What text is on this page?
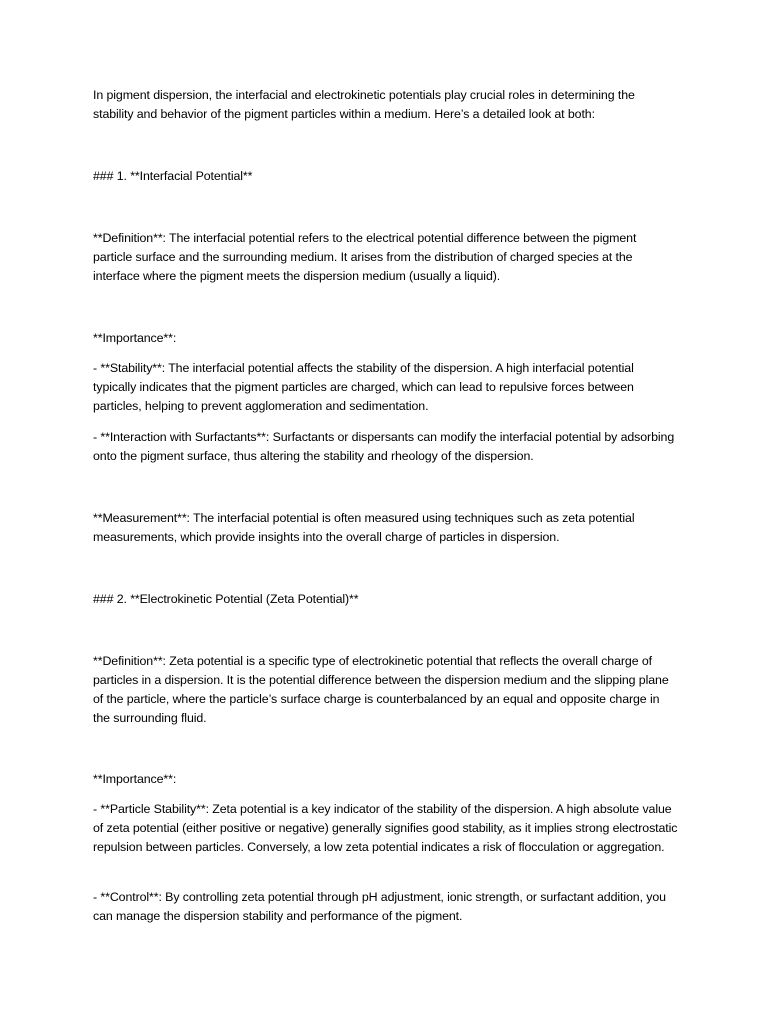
In pigment dispersion, the interfacial and electrokinetic potentials play crucial roles in determining the stability and behavior of the pigment particles within a medium. Here’s a detailed look at both:

### 1. **Interfacial Potential**

**Definition**: The interfacial potential refers to the electrical potential difference between the pigment particle surface and the surrounding medium. It arises from the distribution of charged species at the interface where the pigment meets the dispersion medium (usually a liquid).

**Importance**:

- **Stability**: The interfacial potential affects the stability of the dispersion. A high interfacial potential typically indicates that the pigment particles are charged, which can lead to repulsive forces between particles, helping to prevent agglomeration and sedimentation.

- **Interaction with Surfactants**: Surfactants or dispersants can modify the interfacial potential by adsorbing onto the pigment surface, thus altering the stability and rheology of the dispersion.

**Measurement**: The interfacial potential is often measured using techniques such as zeta potential measurements, which provide insights into the overall charge of particles in dispersion.

### 2. **Electrokinetic Potential (Zeta Potential)**

**Definition**: Zeta potential is a specific type of electrokinetic potential that reflects the overall charge of particles in a dispersion. It is the potential difference between the dispersion medium and the slipping plane of the particle, where the particle’s surface charge is counterbalanced by an equal and opposite charge in the surrounding fluid.

**Importance**:

- **Particle Stability**: Zeta potential is a key indicator of the stability of the dispersion. A high absolute value of zeta potential (either positive or negative) generally signifies good stability, as it implies strong electrostatic repulsion between particles. Conversely, a low zeta potential indicates a risk of flocculation or aggregation.

- **Control**: By controlling zeta potential through pH adjustment, ionic strength, or surfactant addition, you can manage the dispersion stability and performance of the pigment.
